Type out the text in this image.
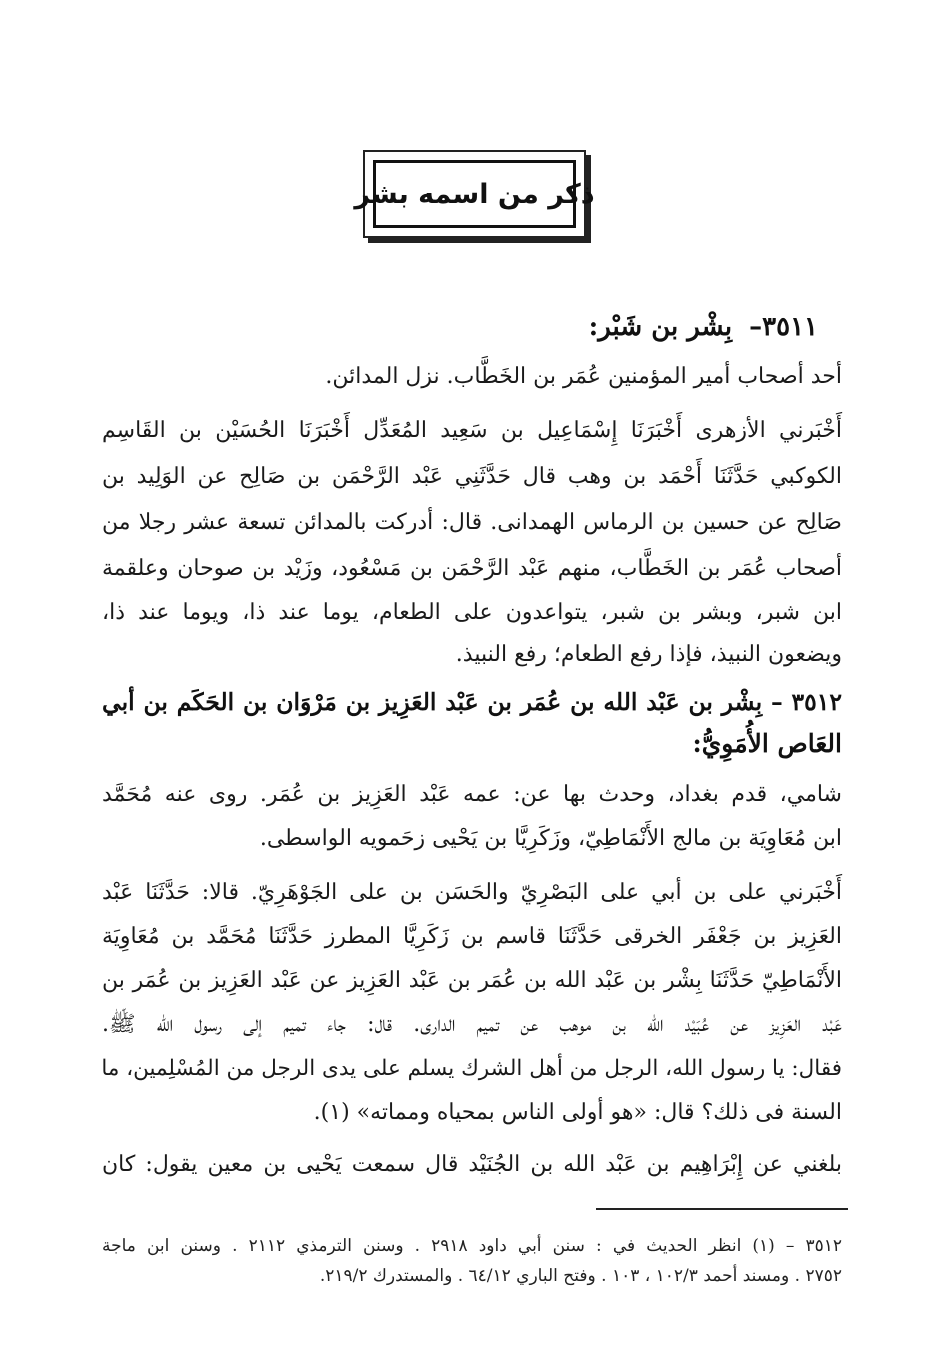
ذكر من اسمه بشر
٣٥١١– بِشْر بن شَبْر:
أحد أصحاب أمير المؤمنين عُمَر بن الخَطَّاب. نزل المدائن.
أَخْبَرني الأزهرى أَخْبَرَنَا إِسْمَاعِيل بن سَعِيد المُعَدِّل أَخْبَرَنَا الحُسَيْن بن القَاسِم
الكوكبي حَدَّثَنَا أَحْمَد بن وهب قال حَدَّثَنِي عَبْد الرَّحْمَن بن صَالِح عن الوَلِيد بن
صَالِح عن حسين بن الرماس الهمدانى. قال: أدركت بالمدائن تسعة عشر رجلا من
أصحاب عُمَر بن الخَطَّاب، منهم عَبْد الرَّحْمَن بن مَسْعُود، وزَيْد بن صوحان وعلقمة
ابن شبر، وبشر بن شبر، يتواعدون على الطعام، يوما عند ذا، ويوما عند ذا،
ويضعون النبيذ، فإذا رفع الطعام؛ رفع النبيذ.
٣٥١٢ – بِشْر بن عَبْد الله بن عُمَر بن عَبْد العَزِيز بن مَرْوَان بن الحَكَم بن أبي
العَاص الأُمَوِيُّ:
شامي، قدم بغداد، وحدث بها عن: عمه عَبْد العَزِيز بن عُمَر. روى عنه مُحَمَّد
ابن مُعَاوِيَة بن مالج الأَنْمَاطِيّ، وزَكَرِيَّا بن يَحْيى زحَمويه الواسطى.
أَخْبَرني على بن أبي على البَصْرِيّ والحَسَن بن على الجَوْهَرِيّ. قالا: حَدَّثَنَا عَبْد
العَزِيز بن جَعْفَر الخرقى حَدَّثَنَا قاسم بن زَكَرِيَّا المطرز حَدَّثَنَا مُحَمَّد بن مُعَاوِيَة
الأَنْمَاطِيّ حَدَّثَنَا بِشْر بن عَبْد الله بن عُمَر بن عَبْد العَزِيز عن عَبْد العَزِيز بن عُمَر بن
عَبْد العَزِيز عن عُبَيْد الله بن موهب عن تميم الدارى. قال: جاء تميم إلى رسول الله ﷺ.
فقال: يا رسول الله، الرجل من أهل الشرك يسلم على يدى الرجل من المُسْلِمين، ما
السنة فى ذلك؟ قال: «هو أولى الناس بمحياه ومماته» (١).
بلغني عن إِبْرَاهِيم بن عَبْد الله بن الجُنَيْد قال سمعت يَحْيى بن معين يقول: كان
٣٥١٢ – (١) انظر الحديث في : سنن أبي داود ٢٩١٨ . وسنن الترمذي ٢١١٢ . وسنن ابن ماجة
٢٧٥٢ . ومسند أحمد ١٠٢/٣ ، ١٠٣ . وفتح الباري ٦٤/١٢ . والمستدرك ٢١٩/٢.
